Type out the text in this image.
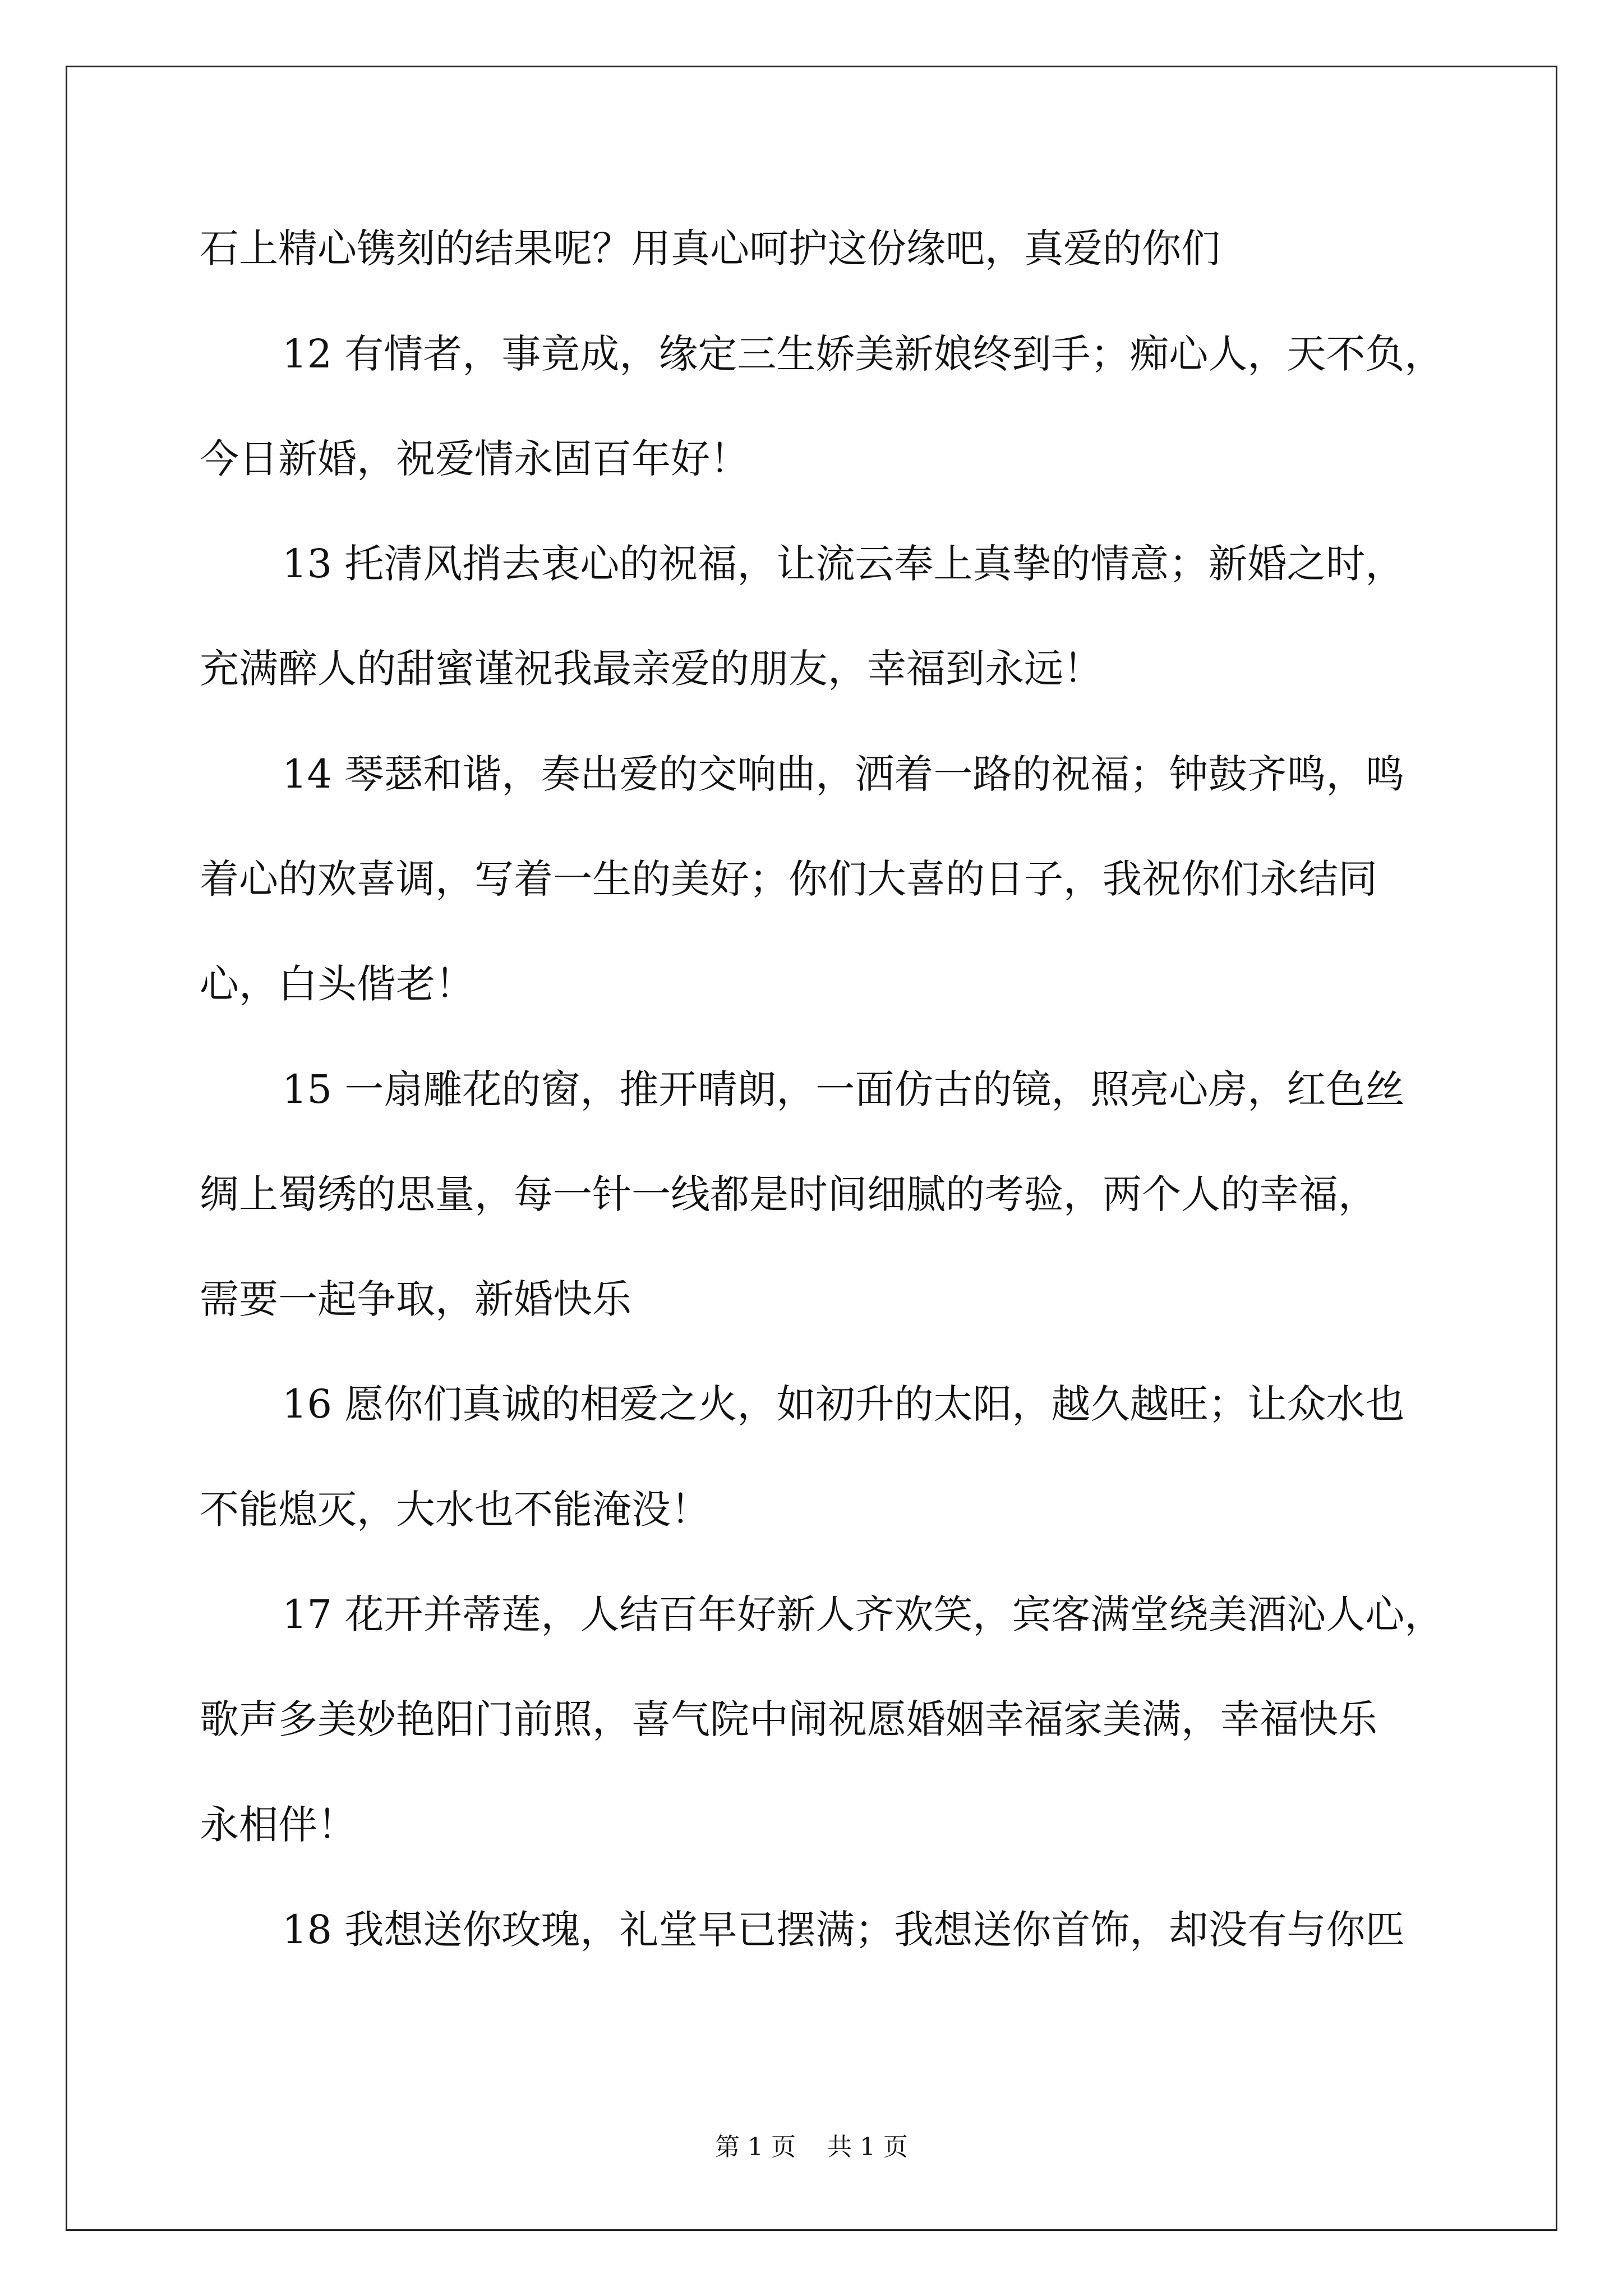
石上精心镌刻的结果呢？用真心呵护这份缘吧，真爱的你们
12 有情者，事竟成，缘定三生娇美新娘终到手；痴心人，天不负，
今日新婚，祝爱情永固百年好！
13 托清风捎去衷心的祝福，让流云奉上真挚的情意；新婚之时，
充满醉人的甜蜜谨祝我最亲爱的朋友，幸福到永远！
14 琴瑟和谐，奏出爱的交响曲，洒着一路的祝福；钟鼓齐鸣，鸣
着心的欢喜调，写着一生的美好；你们大喜的日子，我祝你们永结同
心，白头偕老！
15 一扇雕花的窗，推开晴朗，一面仿古的镜，照亮心房，红色丝
绸上蜀绣的思量，每一针一线都是时间细腻的考验，两个人的幸福，
需要一起争取，新婚快乐
16 愿你们真诚的相爱之火，如初升的太阳，越久越旺；让众水也
不能熄灭，大水也不能淹没！
17 花开并蒂莲，人结百年好新人齐欢笑，宾客满堂绕美酒沁人心，
歌声多美妙艳阳门前照，喜气院中闹祝愿婚姻幸福家美满，幸福快乐
永相伴！
18 我想送你玫瑰，礼堂早已摆满；我想送你首饰，却没有与你匹
第 1 页    共 1 页
